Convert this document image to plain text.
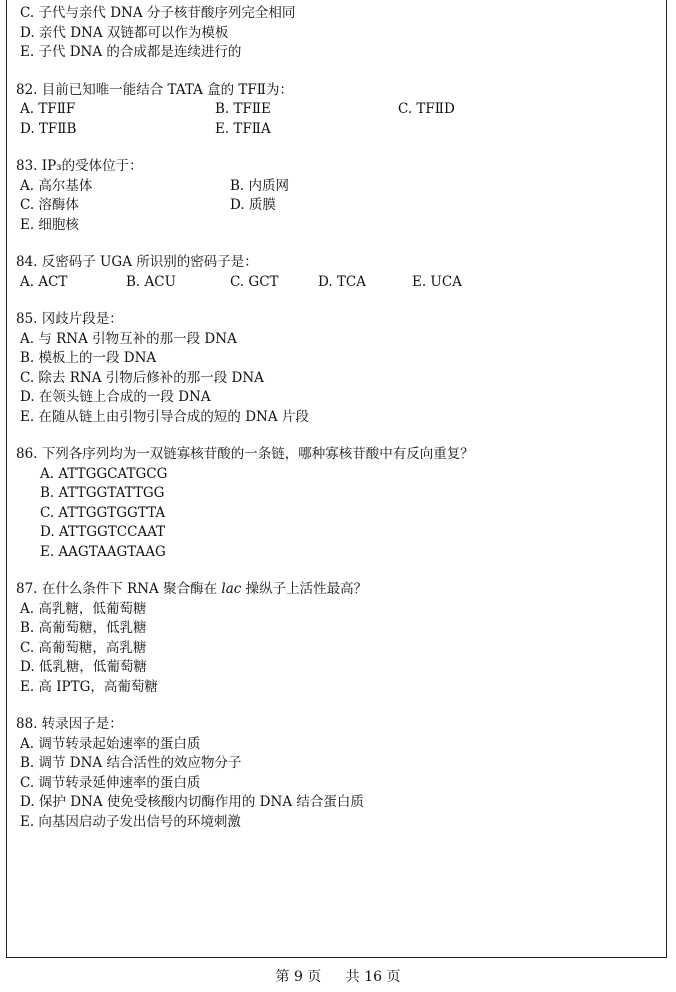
C. 子代与亲代 DNA 分子核苷酸序列完全相同
D. 亲代 DNA 双链都可以作为模板
E. 子代 DNA 的合成都是连续进行的
82. 目前已知唯一能结合 TATA 盒的 TFⅡ为：
A. TFⅡF	B. TFⅡE	C. TFⅡD
D. TFⅡB	E. TFⅡA
83. IP₃的受体位于：
A. 高尔基体	B. 内质网
C. 溶酶体	D. 质膜
E. 细胞核
84. 反密码子 UGA 所识别的密码子是：
A. ACT	B. ACU	C. GCT	D. TCA	E. UCA
85. 冈歧片段是：
A. 与 RNA 引物互补的那一段 DNA
B. 模板上的一段 DNA
C. 除去 RNA 引物后修补的那一段 DNA
D. 在领头链上合成的一段 DNA
E. 在随从链上由引物引导合成的短的 DNA 片段
86. 下列各序列均为一双链寡核苷酸的一条链，哪种寡核苷酸中有反向重复？
A. ATTGGCATGCG
B. ATTGGTATTGG
C. ATTGGTGGTTA
D. ATTGGTCCAAT
E. AAGTAAGTAAG
87. 在什么条件下 RNA 聚合酶在 lac 操纵子上活性最高？
A. 高乳糖，低葡萄糖
B. 高葡萄糖，低乳糖
C. 高葡萄糖，高乳糖
D. 低乳糖，低葡萄糖
E. 高 IPTG，高葡萄糖
88. 转录因子是：
A. 调节转录起始速率的蛋白质
B. 调节 DNA 结合活性的效应物分子
C. 调节转录延伸速率的蛋白质
D. 保护 DNA 使免受核酸内切酶作用的 DNA 结合蛋白质
E. 向基因启动子发出信号的环境刺激
第 9 页 共 16 页
